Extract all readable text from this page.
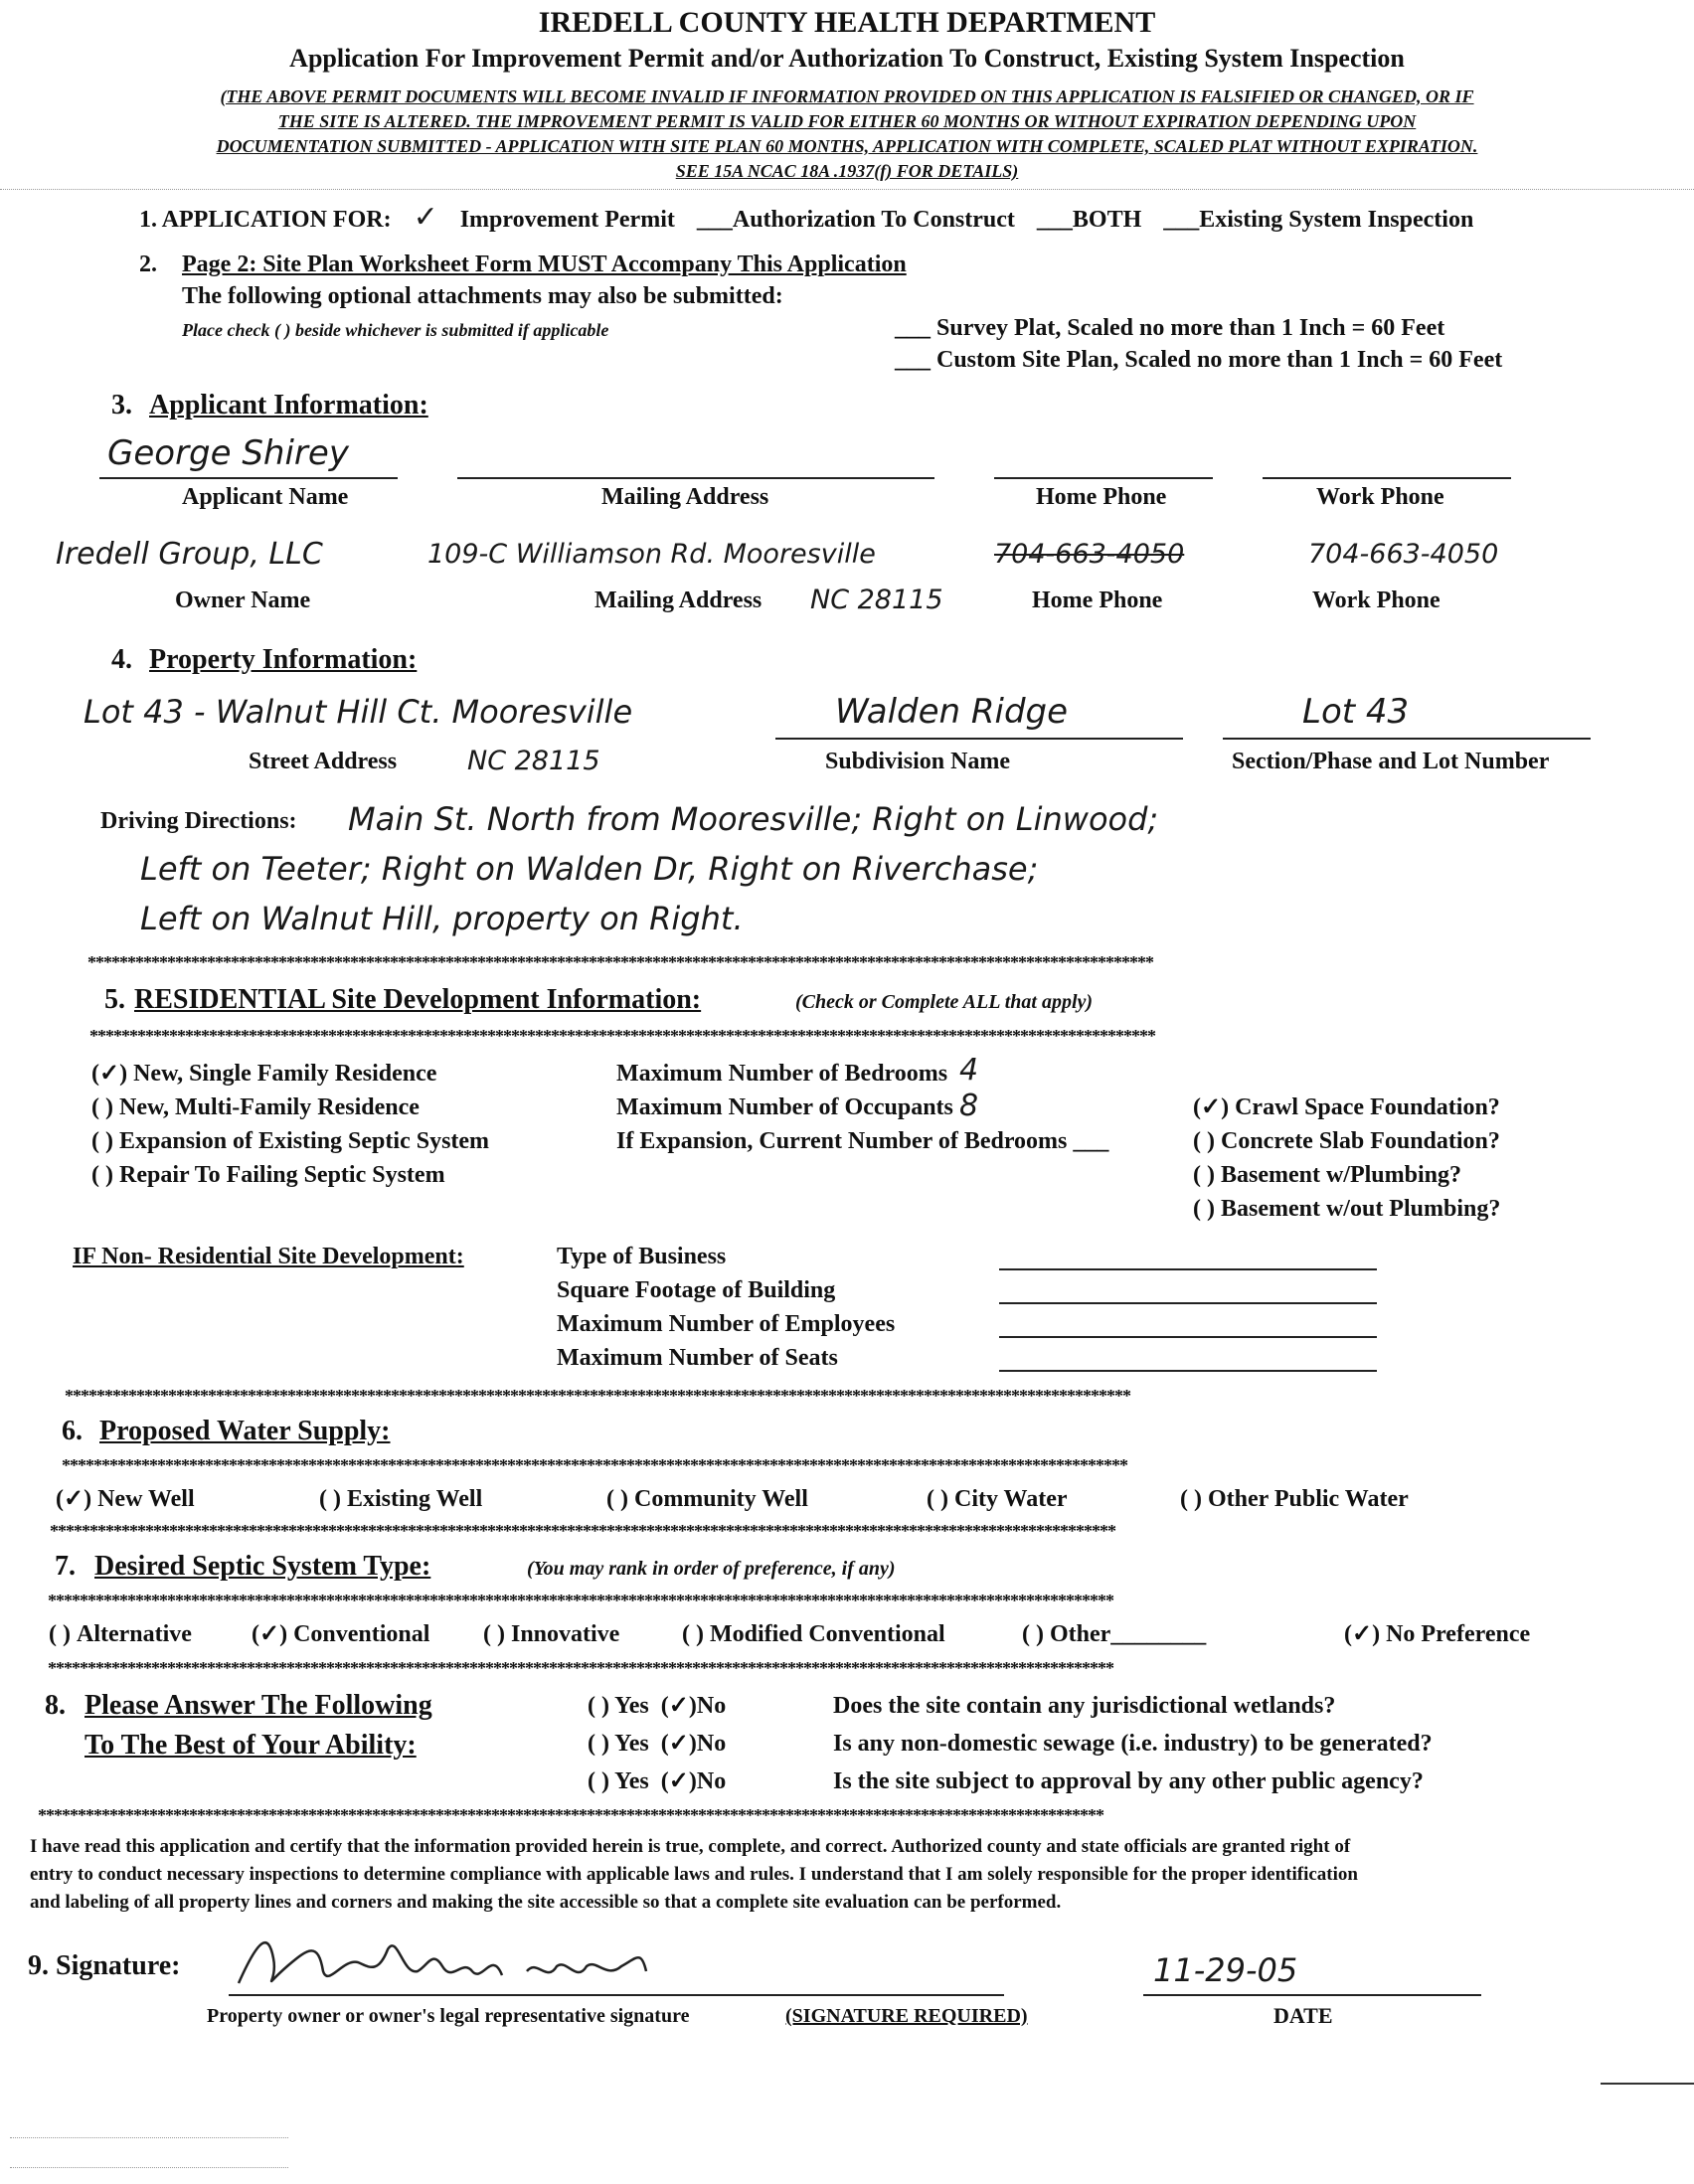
IREDELL COUNTY HEALTH DEPARTMENT
Application For Improvement Permit and/or Authorization To Construct, Existing System Inspection
(THE ABOVE PERMIT DOCUMENTS WILL BECOME INVALID IF INFORMATION PROVIDED ON THIS APPLICATION IS FALSIFIED OR CHANGED, OR IF
THE SITE IS ALTERED. THE IMPROVEMENT PERMIT IS VALID FOR EITHER 60 MONTHS OR WITHOUT EXPIRATION DEPENDING UPON
DOCUMENTATION SUBMITTED - APPLICATION WITH SITE PLAN 60 MONTHS, APPLICATION WITH COMPLETE, SCALED PLAT WITHOUT EXPIRATION.
SEE 15A NCAC 18A .1937(f) FOR DETAILS)
1. APPLICATION FOR: ✓ Improvement Permit ___Authorization To Construct ___BOTH ___Existing System Inspection
2. Page 2: Site Plan Worksheet Form MUST Accompany This Application
The following optional attachments may also be submitted:
Place check ( ) beside whichever is submitted if applicable	___ Survey Plat, Scaled no more than 1 Inch = 60 Feet
___ Custom Site Plan, Scaled no more than 1 Inch = 60 Feet
3. Applicant Information:
George Shirey
Applicant Name	Mailing Address	Home Phone	Work Phone
Iredell Group, LLC	109-C Williamson Rd. Mooresville	704-663-4050	704-663-4050
Owner Name	Mailing Address NC 28115	Home Phone	Work Phone
4. Property Information:
Lot 43 - Walnut Hill Ct. Mooresville	Walden Ridge	Lot 43
Street Address	NC 28115	Subdivision Name	Section/Phase and Lot Number
Driving Directions: Main St. North from Mooresville; Right on Linwood;
Left on Teeter; Right on Walden Dr, Right on Riverchase;
Left on Walnut Hill, property on Right.
**************************************************************************************************************************************
5. RESIDENTIAL Site Development Information:	(Check or Complete ALL that apply)
**************************************************************************************************************************************
(✓) New, Single Family Residence
( ) New, Multi-Family Residence
( ) Expansion of Existing Septic System
( ) Repair To Failing Septic System
Maximum Number of Bedrooms 4
Maximum Number of Occupants 8
If Expansion, Current Number of Bedrooms ___
(✓) Crawl Space Foundation?
( ) Concrete Slab Foundation?
( ) Basement w/Plumbing?
( ) Basement w/out Plumbing?
IF Non- Residential Site Development:	Type of Business
Square Footage of Building
Maximum Number of Employees
Maximum Number of Seats
**************************************************************************************************************************************
6. Proposed Water Supply:
**************************************************************************************************************************************
(✓) New Well	( ) Existing Well	( ) Community Well	( ) City Water	( ) Other Public Water
**************************************************************************************************************************************
7. Desired Septic System Type:	(You may rank in order of preference, if any)
**************************************************************************************************************************************
( ) Alternative	(✓) Conventional ( ) Innovative	( ) Modified Conventional	( ) Other________	(✓) No Preference
**************************************************************************************************************************************
8. Please Answer The Following
To The Best of Your Ability:
( ) Yes (✓)No	Does the site contain any jurisdictional wetlands?
( ) Yes (✓)No	Is any non-domestic sewage (i.e. industry) to be generated?
( ) Yes (✓)No	Is the site subject to approval by any other public agency?
**************************************************************************************************************************************
I have read this application and certify that the information provided herein is true, complete, and correct. Authorized county and state officials are granted right of
entry to conduct necessary inspections to determine compliance with applicable laws and rules. I understand that I am solely responsible for the proper identification
and labeling of all property lines and corners and making the site accessible so that a complete site evaluation can be performed.
9. Signature:
Property owner or owner's legal representative signature	(SIGNATURE REQUIRED)
11-29-05
DATE
